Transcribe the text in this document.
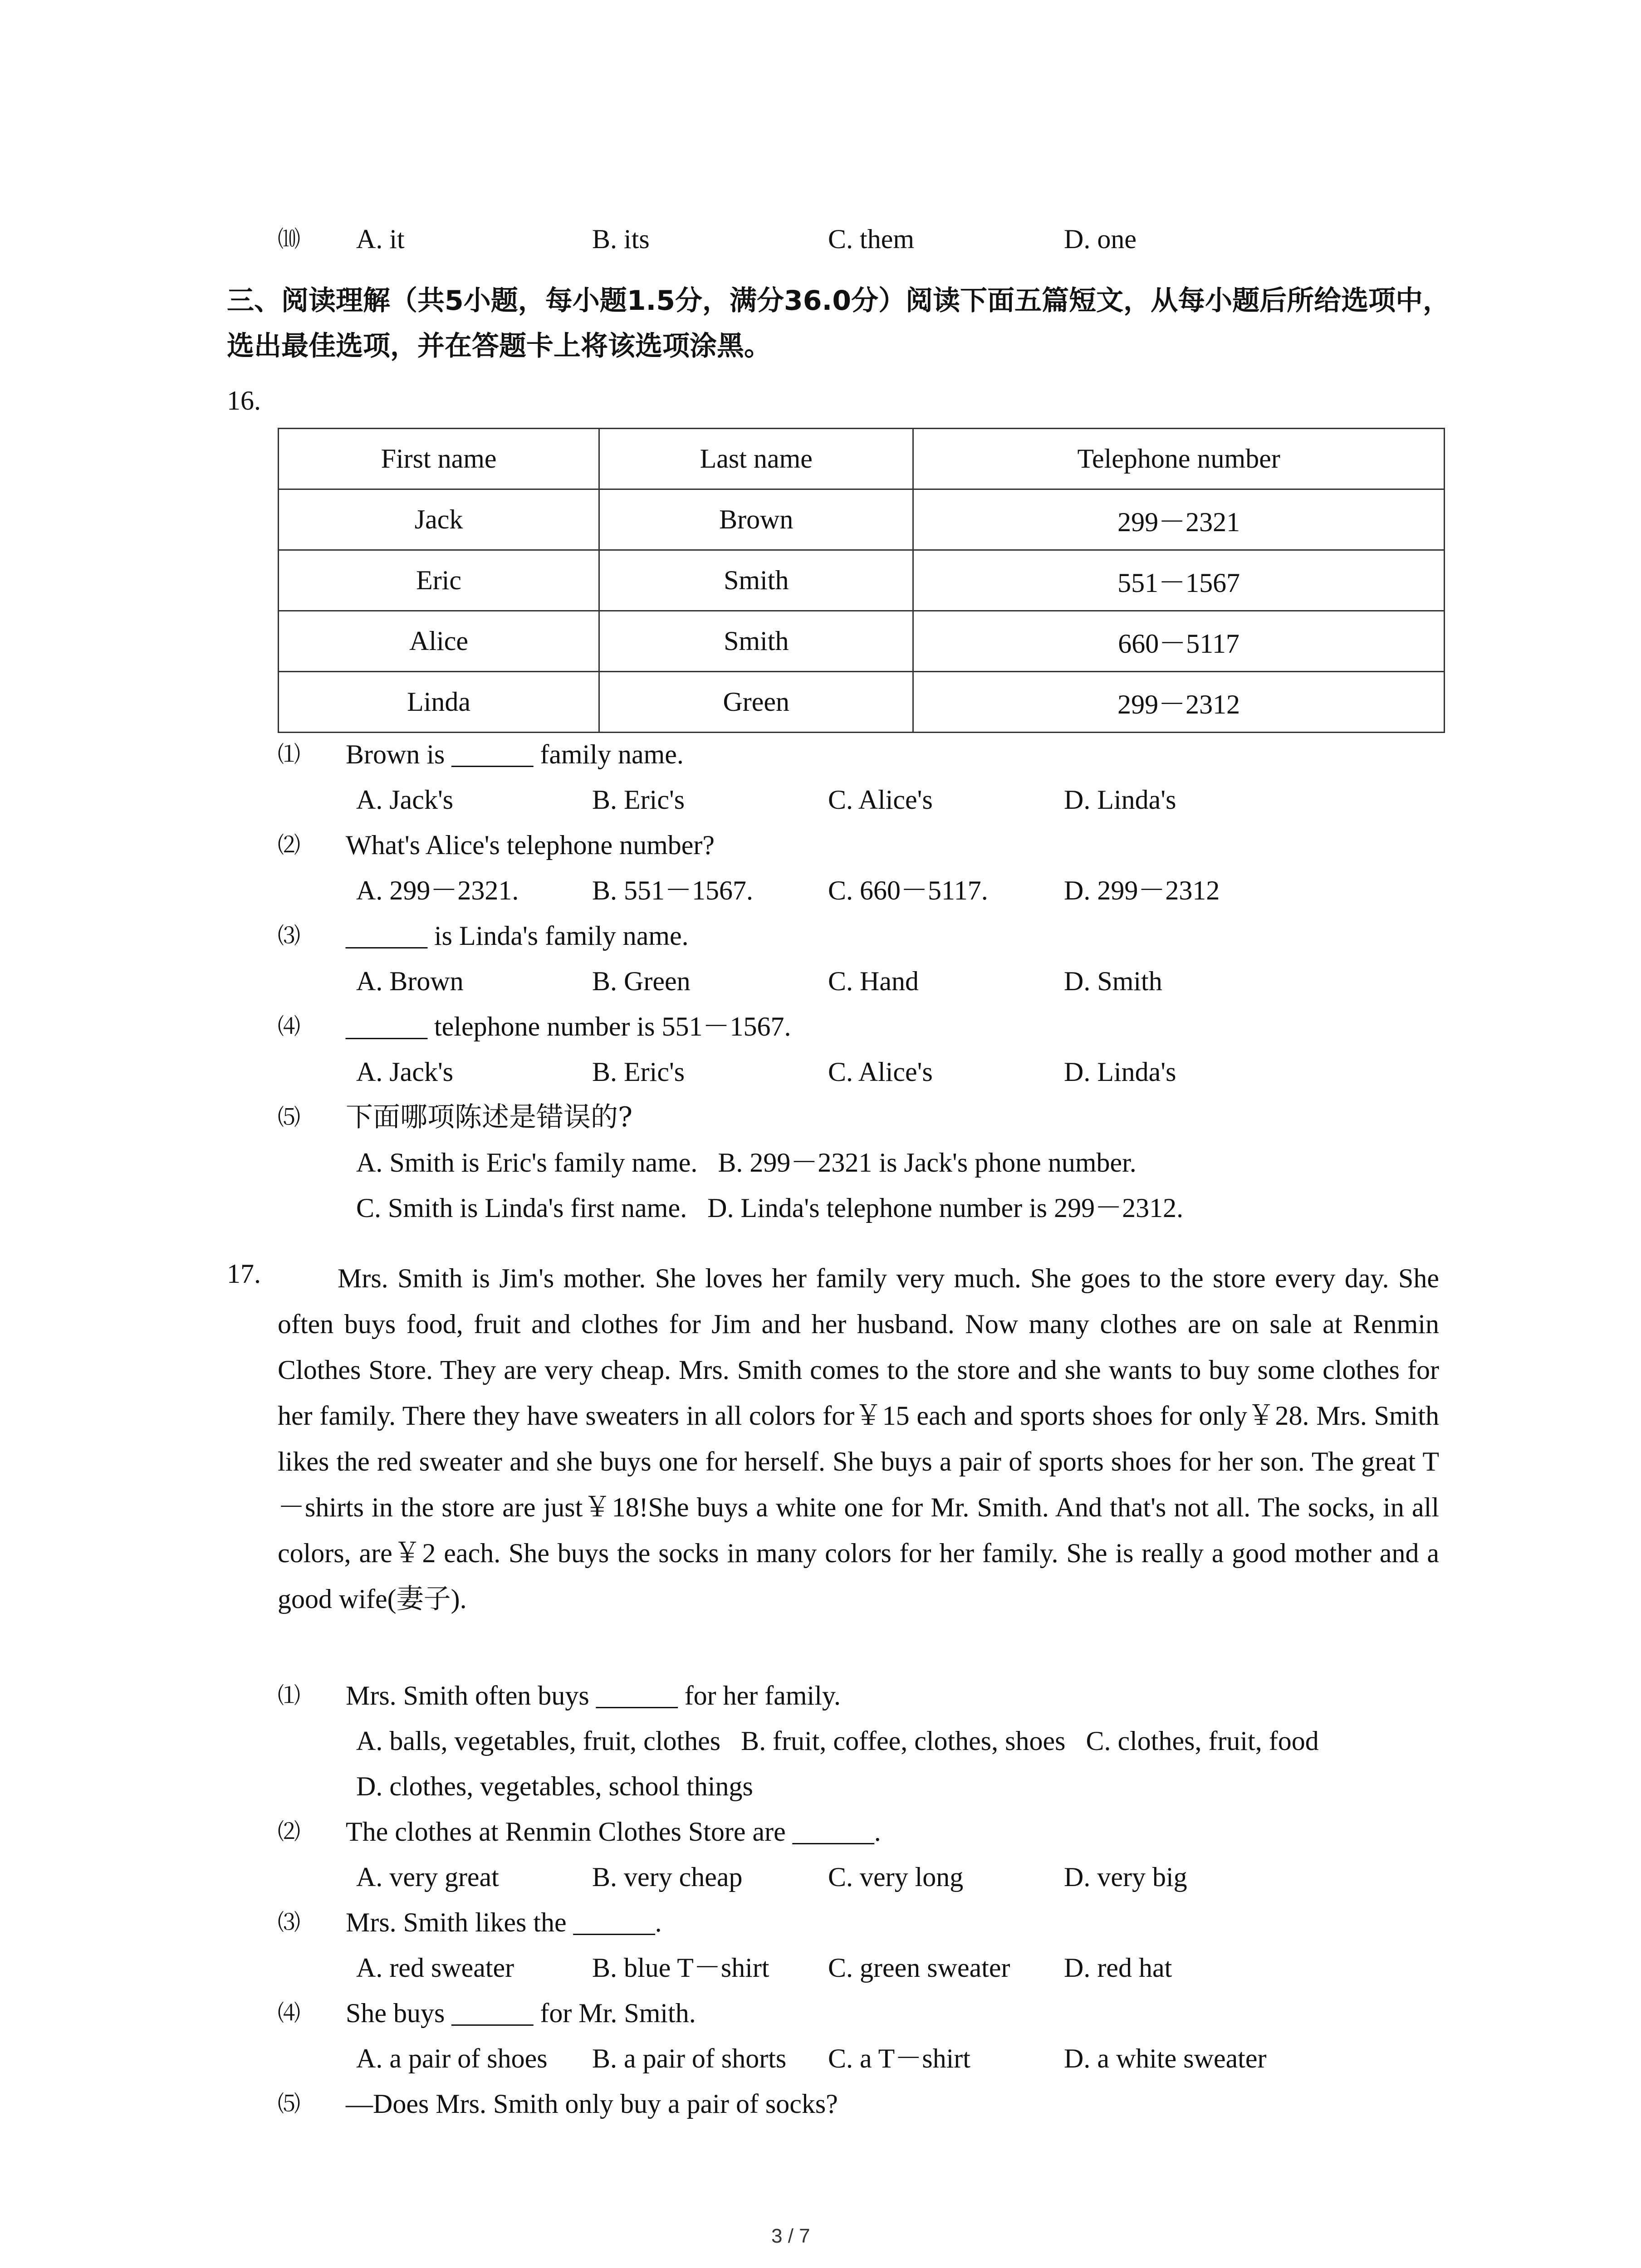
⑽ A. it	B. its	C. them	D. one
三、阅读理解（共5小题，每小题1.5分，满分36.0分）阅读下面五篇短文，从每小题后所给选项中，选出最佳选项，并在答题卡上将该选项涂黑。
16.
First name	Last name	Telephone number
Jack	Brown	299－2321
Eric	Smith	551－1567
Alice	Smith	660－5117
Linda	Green	299－2312
⑴ Brown is ______ family name.
A. Jack's	B. Eric's	C. Alice's	D. Linda's
⑵ What's Alice's telephone number?
A. 299－2321.	B. 551－1567.	C. 660－5117.	D. 299－2312
⑶ ______ is Linda's family name.
A. Brown	B. Green	C. Hand	D. Smith
⑷ ______ telephone number is 551－1567.
A. Jack's	B. Eric's	C. Alice's	D. Linda's
⑸ 下面哪项陈述是错误的?
A. Smith is Eric's family name.   B. 299－2321 is Jack's phone number.
C. Smith is Linda's first name.   D. Linda's telephone number is 299－2312.
17.	Mrs. Smith is Jim's mother. She loves her family very much. She goes to the store every day. She often buys food, fruit and clothes for Jim and her husband. Now many clothes are on sale at Renmin Clothes Store. They are very cheap. Mrs. Smith comes to the store and she wants to buy some clothes for her family. There they have sweaters in all colors for￥15 each and sports shoes for only￥28. Mrs. Smith likes the red sweater and she buys one for herself. She buys a pair of sports shoes for her son. The great T－shirts in the store are just￥18!She buys a white one for Mr. Smith. And that's not all. The socks, in all colors, are￥2 each. She buys the socks in many colors for her family. She is really a good mother and a good wife(妻子).
⑴ Mrs. Smith often buys ______ for her family.
A. balls, vegetables, fruit, clothes   B. fruit, coffee, clothes, shoes   C. clothes, fruit, food
D. clothes, vegetables, school things
⑵ The clothes at Renmin Clothes Store are ______.
A. very great	B. very cheap	C. very long	D. very big
⑶ Mrs. Smith likes the ______.
A. red sweater	B. blue T－shirt C. green sweater D. red hat
⑷ She buys ______ for Mr. Smith.
A. a pair of shoes B. a pair of shorts C. a T－shirt	D. a white sweater
⑸ —Does Mrs. Smith only buy a pair of socks?
3 / 7
